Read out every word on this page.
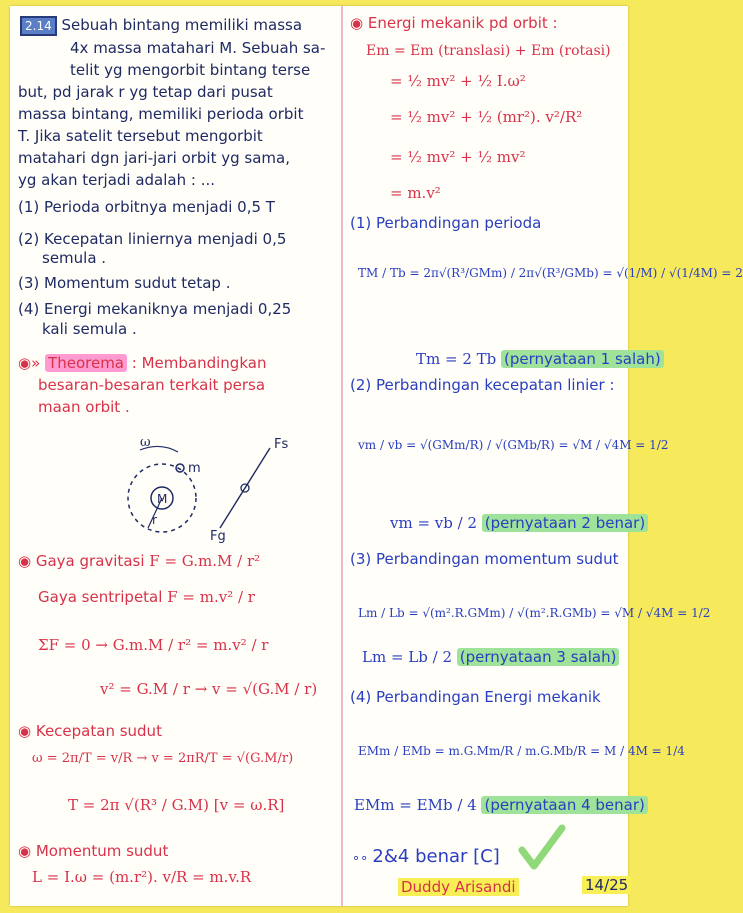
2.14 Sebuah bintang memiliki massa
4x massa matahari M. Sebuah sa-
telit yg mengorbit bintang terse
but, pd jarak r yg tetap dari pusat
massa bintang, memiliki perioda orbit
T. Jika satelit tersebut mengorbit
matahari dgn jari-jari orbit yg sama,
yg akan terjadi adalah : ...
(1) Perioda orbitnya menjadi 0,5 T
(2) Kecepatan liniernya menjadi 0,5
semula .
(3) Momentum sudut tetap .
(4) Energi mekaniknya menjadi 0,25
kali semula .
◉» Theorema : Membandingkan
besaran-besaran terkait persa
maan orbit .
ω
m
M
r
Fs
Fg
◉ Gaya gravitasi F = G.m.M / r²
Gaya sentripetal F = m.v² / r
ΣF = 0 → G.m.M / r² = m.v² / r
v² = G.M / r → v = √(G.M / r)
◉ Kecepatan sudut
ω = 2π/T = v/R → v = 2πR/T = √(G.M/r)
T = 2π √(R³ / G.M) [v = ω.R]
◉ Momentum sudut
L = I.ω = (m.r²). v/R = m.v.R
◉ Energi mekanik pd orbit :
Em = Em (translasi) + Em (rotasi)
= ½ mv² + ½ I.ω²
= ½ mv² + ½ (mr²). v²/R²
= ½ mv² + ½ mv²
= m.v²
(1) Perbandingan perioda
TM / Tb = 2π√(R³/GMm) / 2π√(R³/GMb) = √(1/M) / √(1/4M) = 2
Tm = 2 Tb (pernyataan 1 salah)
(2) Perbandingan kecepatan linier :
vm / vb = √(GMm/R) / √(GMb/R) = √M / √4M = 1/2
vm = vb / 2 (pernyataan 2 benar)
(3) Perbandingan momentum sudut
Lm / Lb = √(m².R.GMm) / √(m².R.GMb) = √M / √4M = 1/2
Lm = Lb / 2 (pernyataan 3 salah)
(4) Perbandingan Energi mekanik
EMm / EMb = m.G.Mm/R / m.G.Mb/R = M / 4M = 1/4
EMm = EMb / 4 (pernyataan 4 benar)
∘∘ 2&4 benar [C]
Duddy Arisandi	14/25
